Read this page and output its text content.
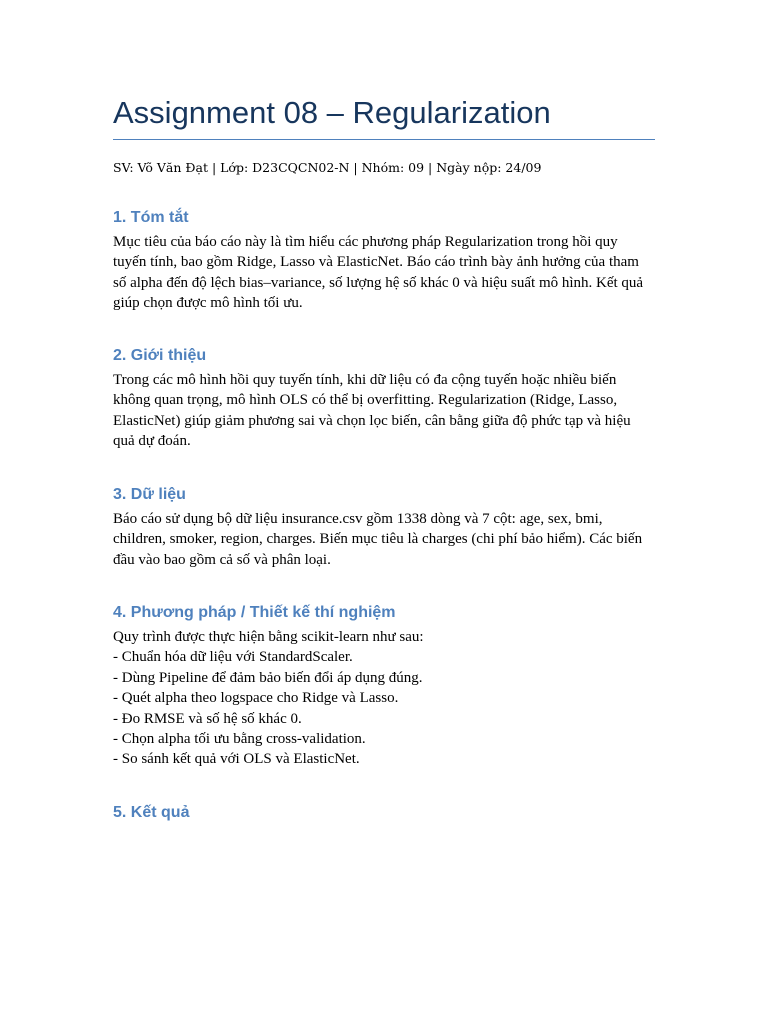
Assignment 08 – Regularization
SV: Võ Văn Đạt | Lớp: D23CQCN02-N | Nhóm: 09 | Ngày nộp: 24/09
1. Tóm tắt
Mục tiêu của báo cáo này là tìm hiểu các phương pháp Regularization trong hồi quy
tuyến tính, bao gồm Ridge, Lasso và ElasticNet. Báo cáo trình bày ảnh hưởng của tham
số alpha đến độ lệch bias–variance, số lượng hệ số khác 0 và hiệu suất mô hình. Kết quả
giúp chọn được mô hình tối ưu.
2. Giới thiệu
Trong các mô hình hồi quy tuyến tính, khi dữ liệu có đa cộng tuyến hoặc nhiều biến
không quan trọng, mô hình OLS có thể bị overfitting. Regularization (Ridge, Lasso,
ElasticNet) giúp giảm phương sai và chọn lọc biến, cân bằng giữa độ phức tạp và hiệu
quả dự đoán.
3. Dữ liệu
Báo cáo sử dụng bộ dữ liệu insurance.csv gồm 1338 dòng và 7 cột: age, sex, bmi,
children, smoker, region, charges. Biến mục tiêu là charges (chi phí bảo hiểm). Các biến
đầu vào bao gồm cả số và phân loại.
4. Phương pháp / Thiết kế thí nghiệm
Quy trình được thực hiện bằng scikit-learn như sau:
- Chuẩn hóa dữ liệu với StandardScaler.
- Dùng Pipeline để đảm bảo biến đổi áp dụng đúng.
- Quét alpha theo logspace cho Ridge và Lasso.
- Đo RMSE và số hệ số khác 0.
- Chọn alpha tối ưu bằng cross-validation.
- So sánh kết quả với OLS và ElasticNet.
5. Kết quả
